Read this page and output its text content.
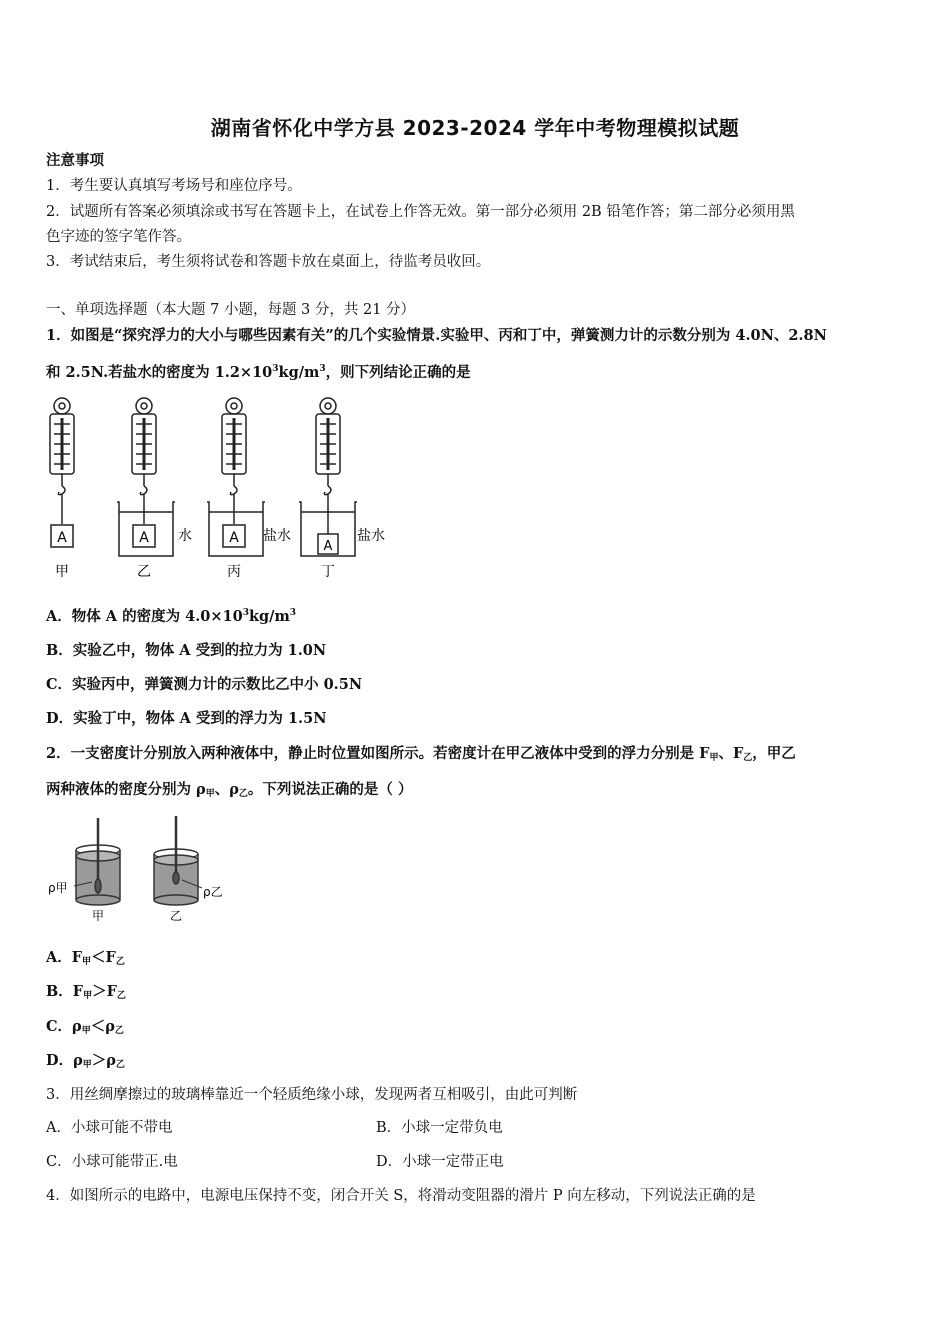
湖南省怀化中学方县 2023-2024 学年中考物理模拟试题
注意事项
1．考生要认真填写考场号和座位序号。
2．试题所有答案必须填涂或书写在答题卡上，在试卷上作答无效。第一部分必须用 2B 铅笔作答；第二部分必须用黑
色字迹的签字笔作答。
3．考试结束后，考生须将试卷和答题卡放在桌面上，待监考员收回。
一、单项选择题（本大题 7 小题，每题 3 分，共 21 分）
1．如图是“探究浮力的大小与哪些因素有关”的几个实验情景.实验甲、丙和丁中，弹簧测力计的示数分别为 4.0N、2.8N
和 2.5N.若盐水的密度为 $1.2\times 10^3kg/m^3$，则下列结论正确的是
A	A	A
A
水	盐水	盐水
甲	乙	丙	丁
A．物体 A 的密度为 $4.0\times 10^3kg/m^3$
B．实验乙中，物体 A 受到的拉力为 1.0N
C．实验丙中，弹簧测力计的示数比乙中小 0.5N
D．实验丁中，物体 A 受到的浮力为 1.5N
2．一支密度计分别放入两种液体中，静止时位置如图所示。若密度计在甲乙液体中受到的浮力分别是 $F_甲$、$F_乙$，甲乙
两种液体的密度分别为 $\rho_甲$、$\rho_乙$。下列说法正确的是（ ）
ρ甲	ρ乙
甲	乙
A．$F_甲<F_乙$
B．$F_甲>F_乙$
C．$\rho_甲<\rho_乙$
D．$\rho_甲>\rho_乙$
3．用丝绸摩擦过的玻璃棒靠近一个轻质绝缘小球，发现两者互相吸引，由此可判断
A．小球可能不带电	B．小球一定带负电
C．小球可能带正.电	D．小球一定带正电
4．如图所示的电路中，电源电压保持不变，闭合开关 S，将滑动变阻器的滑片 P 向左移动，下列说法正确的是
